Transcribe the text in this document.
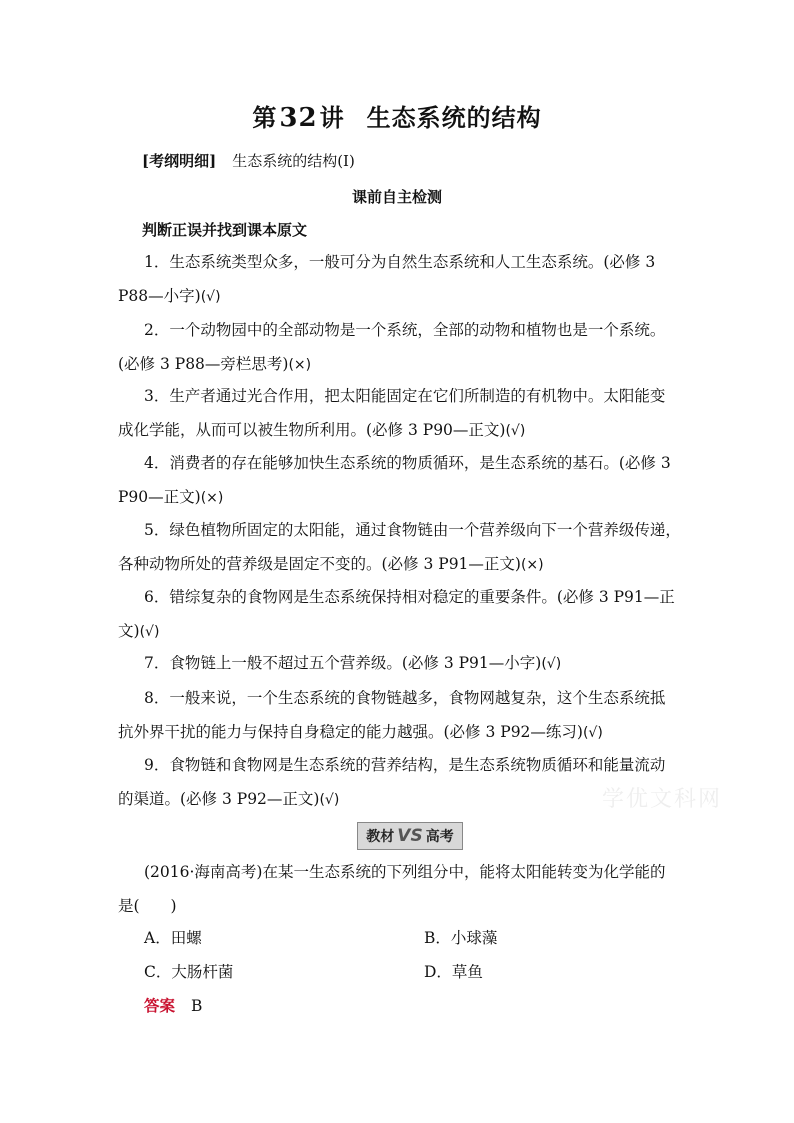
学优文科网
第32讲 生态系统的结构
[考纲明细] 生态系统的结构(Ⅰ)
课前自主检测
判断正误并找到课本原文

1．生态系统类型众多，一般可分为自然生态系统和人工生态系统。(必修 3

P88—小字)(√)

2．一个动物园中的全部动物是一个系统，全部的动物和植物也是一个系统。

(必修 3 P88—旁栏思考)(×)

3．生产者通过光合作用，把太阳能固定在它们所制造的有机物中。太阳能变

成化学能，从而可以被生物所利用。(必修 3 P90—正文)(√)

4．消费者的存在能够加快生态系统的物质循环，是生态系统的基石。(必修 3

P90—正文)(×)

5．绿色植物所固定的太阳能，通过食物链由一个营养级向下一个营养级传递，

各种动物所处的营养级是固定不变的。(必修 3 P91—正文)(×)

6．错综复杂的食物网是生态系统保持相对稳定的重要条件。(必修 3 P91—正

文)(√)

7．食物链上一般不超过五个营养级。(必修 3 P91—小字)(√)

8．一般来说，一个生态系统的食物链越多，食物网越复杂，这个生态系统抵

抗外界干扰的能力与保持自身稳定的能力越强。(必修 3 P92—练习)(√)

9．食物链和食物网是生态系统的营养结构，是生态系统物质循环和能量流动

的渠道。(必修 3 P92—正文)(√)

教材 VS 高考

(2016·海南高考)在某一生态系统的下列组分中，能将太阳能转变为化学能的

是(　　)

A．田螺	B．小球藻
C．大肠杆菌	D．草鱼
答案 B
